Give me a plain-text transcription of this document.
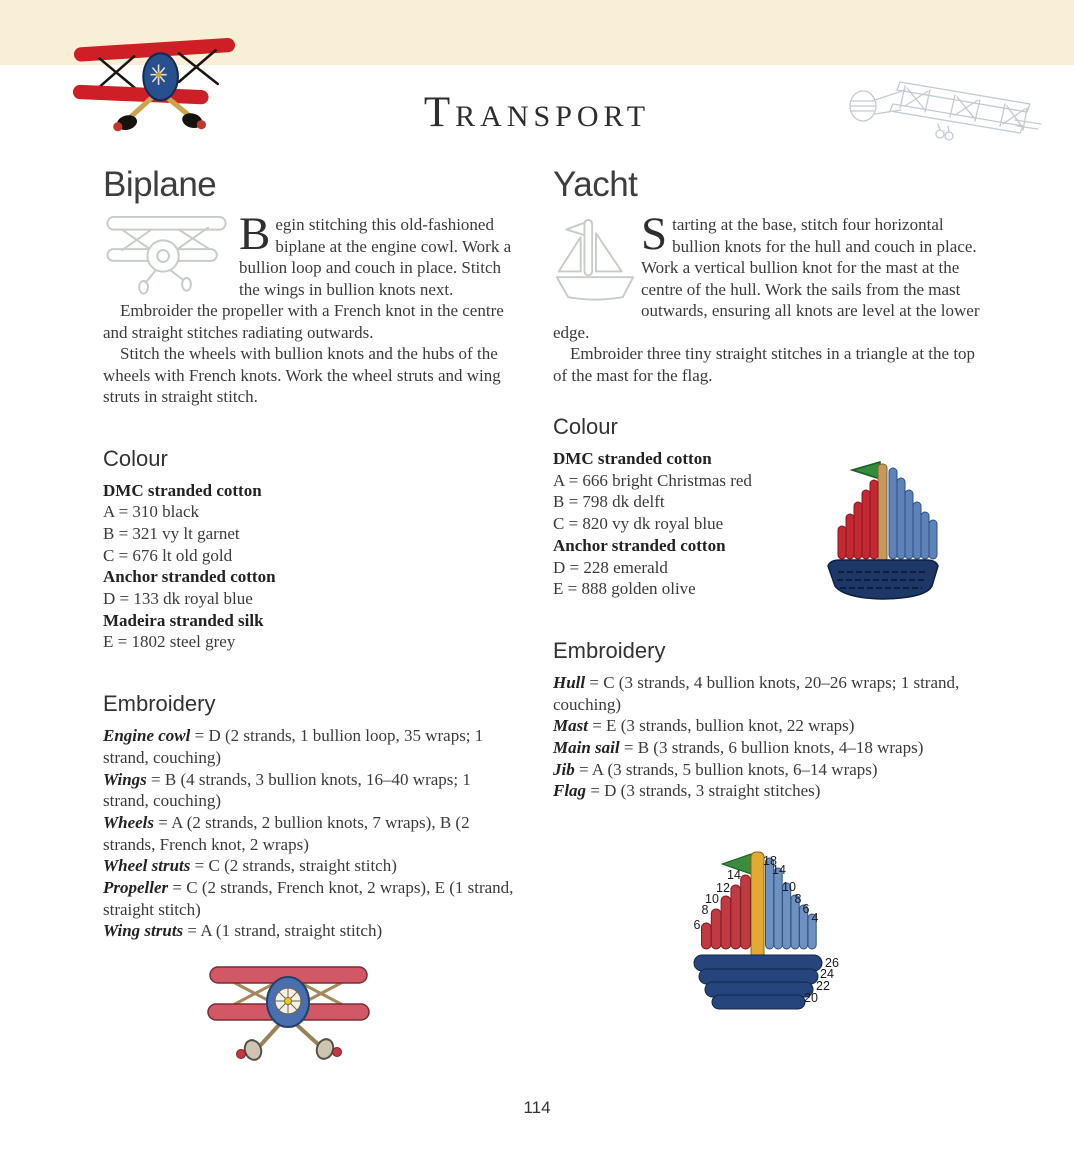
Transport
Biplane

Begin stitching this old-fashioned biplane at the engine cowl. Work a bullion loop and couch in place. Stitch the wings in bullion knots next.

Embroider the propeller with a French knot in the centre and straight stitches radiating outwards.

Stitch the wheels with bullion knots and the hubs of the wheels with French knots. Work the wheel struts and wing struts in straight stitch.

Colour

DMC stranded cotton

A = 310 black

B = 321 vy lt garnet

C = 676 lt old gold

Anchor stranded cotton

D = 133 dk royal blue

Madeira stranded silk

E = 1802 steel grey

Embroidery

Engine cowl = D (2 strands, 1 bullion loop, 35 wraps; 1 strand, couching)

Wings = B (4 strands, 3 bullion knots, 16–40 wraps; 1 strand, couching)

Wheels = A (2 strands, 2 bullion knots, 7 wraps), B (2 strands, French knot, 2 wraps)

Wheel struts = C (2 strands, straight stitch)

Propeller = C (2 strands, French knot, 2 wraps), E (1 strand, straight stitch)

Wing struts = A (1 strand, straight stitch)

Yacht

Starting at the base, stitch four horizontal bullion knots for the hull and couch in place. Work a vertical bullion knot for the mast at the centre of the hull. Work the sails from the mast outwards, ensuring all knots are level at the lower edge.

Embroider three tiny straight stitches in a triangle at the top of the mast for the flag.

Colour

DMC stranded cotton

A = 666 bright Christmas red

B = 798 dk delft

C = 820 vy dk royal blue

Anchor stranded cotton

D = 228 emerald

E = 888 golden olive

Embroidery

Hull = C (3 strands, 4 bullion knots, 20–26 wraps; 1 strand, couching)

Mast = E (3 strands, bullion knot, 22 wraps)

Main sail = B (3 strands, 6 bullion knots, 4–18 wraps)

Jib = A (3 strands, 5 bullion knots, 6–14 wraps)

Flag = D (3 strands, 3 straight stitches)

18
14
10
8
6
4
14
12
10
8
6
26
24
22
20
114
